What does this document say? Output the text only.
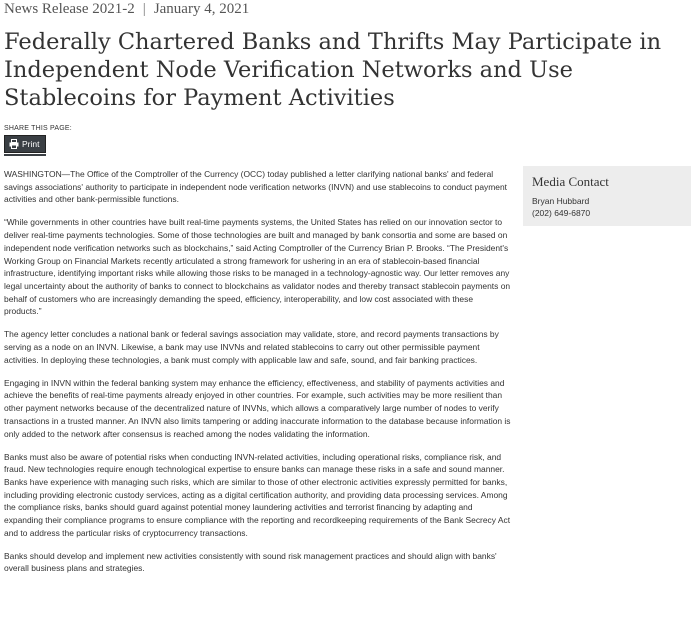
News Release 2021-2 | January 4, 2021
Federally Chartered Banks and Thrifts May Participate in Independent Node Verification Networks and Use Stablecoins for Payment Activities
SHARE THIS PAGE:
Print

WASHINGTON—The Office of the Comptroller of the Currency (OCC) today published a letter clarifying national banks' and federal savings associations' authority to participate in independent node verification networks (INVN) and use stablecoins to conduct payment activities and other bank-permissible functions.

“While governments in other countries have built real-time payments systems, the United States has relied on our innovation sector to deliver real-time payments technologies. Some of those technologies are built and managed by bank consortia and some are based on independent node verification networks such as blockchains,” said Acting Comptroller of the Currency Brian P. Brooks. “The President's Working Group on Financial Markets recently articulated a strong framework for ushering in an era of stablecoin-based financial infrastructure, identifying important risks while allowing those risks to be managed in a technology-agnostic way. Our letter removes any legal uncertainty about the authority of banks to connect to blockchains as validator nodes and thereby transact stablecoin payments on behalf of customers who are increasingly demanding the speed, efficiency, interoperability, and low cost associated with these products.”

The agency letter concludes a national bank or federal savings association may validate, store, and record payments transactions by serving as a node on an INVN. Likewise, a bank may use INVNs and related stablecoins to carry out other permissible payment activities. In deploying these technologies, a bank must comply with applicable law and safe, sound, and fair banking practices.

Engaging in INVN within the federal banking system may enhance the efficiency, effectiveness, and stability of payments activities and achieve the benefits of real-time payments already enjoyed in other countries. For example, such activities may be more resilient than other payment networks because of the decentralized nature of INVNs, which allows a comparatively large number of nodes to verify transactions in a trusted manner. An INVN also limits tampering or adding inaccurate information to the database because information is only added to the network after consensus is reached among the nodes validating the information.

Banks must also be aware of potential risks when conducting INVN-related activities, including operational risks, compliance risk, and fraud. New technologies require enough technological expertise to ensure banks can manage these risks in a safe and sound manner. Banks have experience with managing such risks, which are similar to those of other electronic activities expressly permitted for banks, including providing electronic custody services, acting as a digital certification authority, and providing data processing services. Among the compliance risks, banks should guard against potential money laundering activities and terrorist financing by adapting and expanding their compliance programs to ensure compliance with the reporting and recordkeeping requirements of the Bank Secrecy Act and to address the particular risks of cryptocurrency transactions.

Banks should develop and implement new activities consistently with sound risk management practices and should align with banks' overall business plans and strategies.

Media Contact
Bryan Hubbard
(202) 649-6870
